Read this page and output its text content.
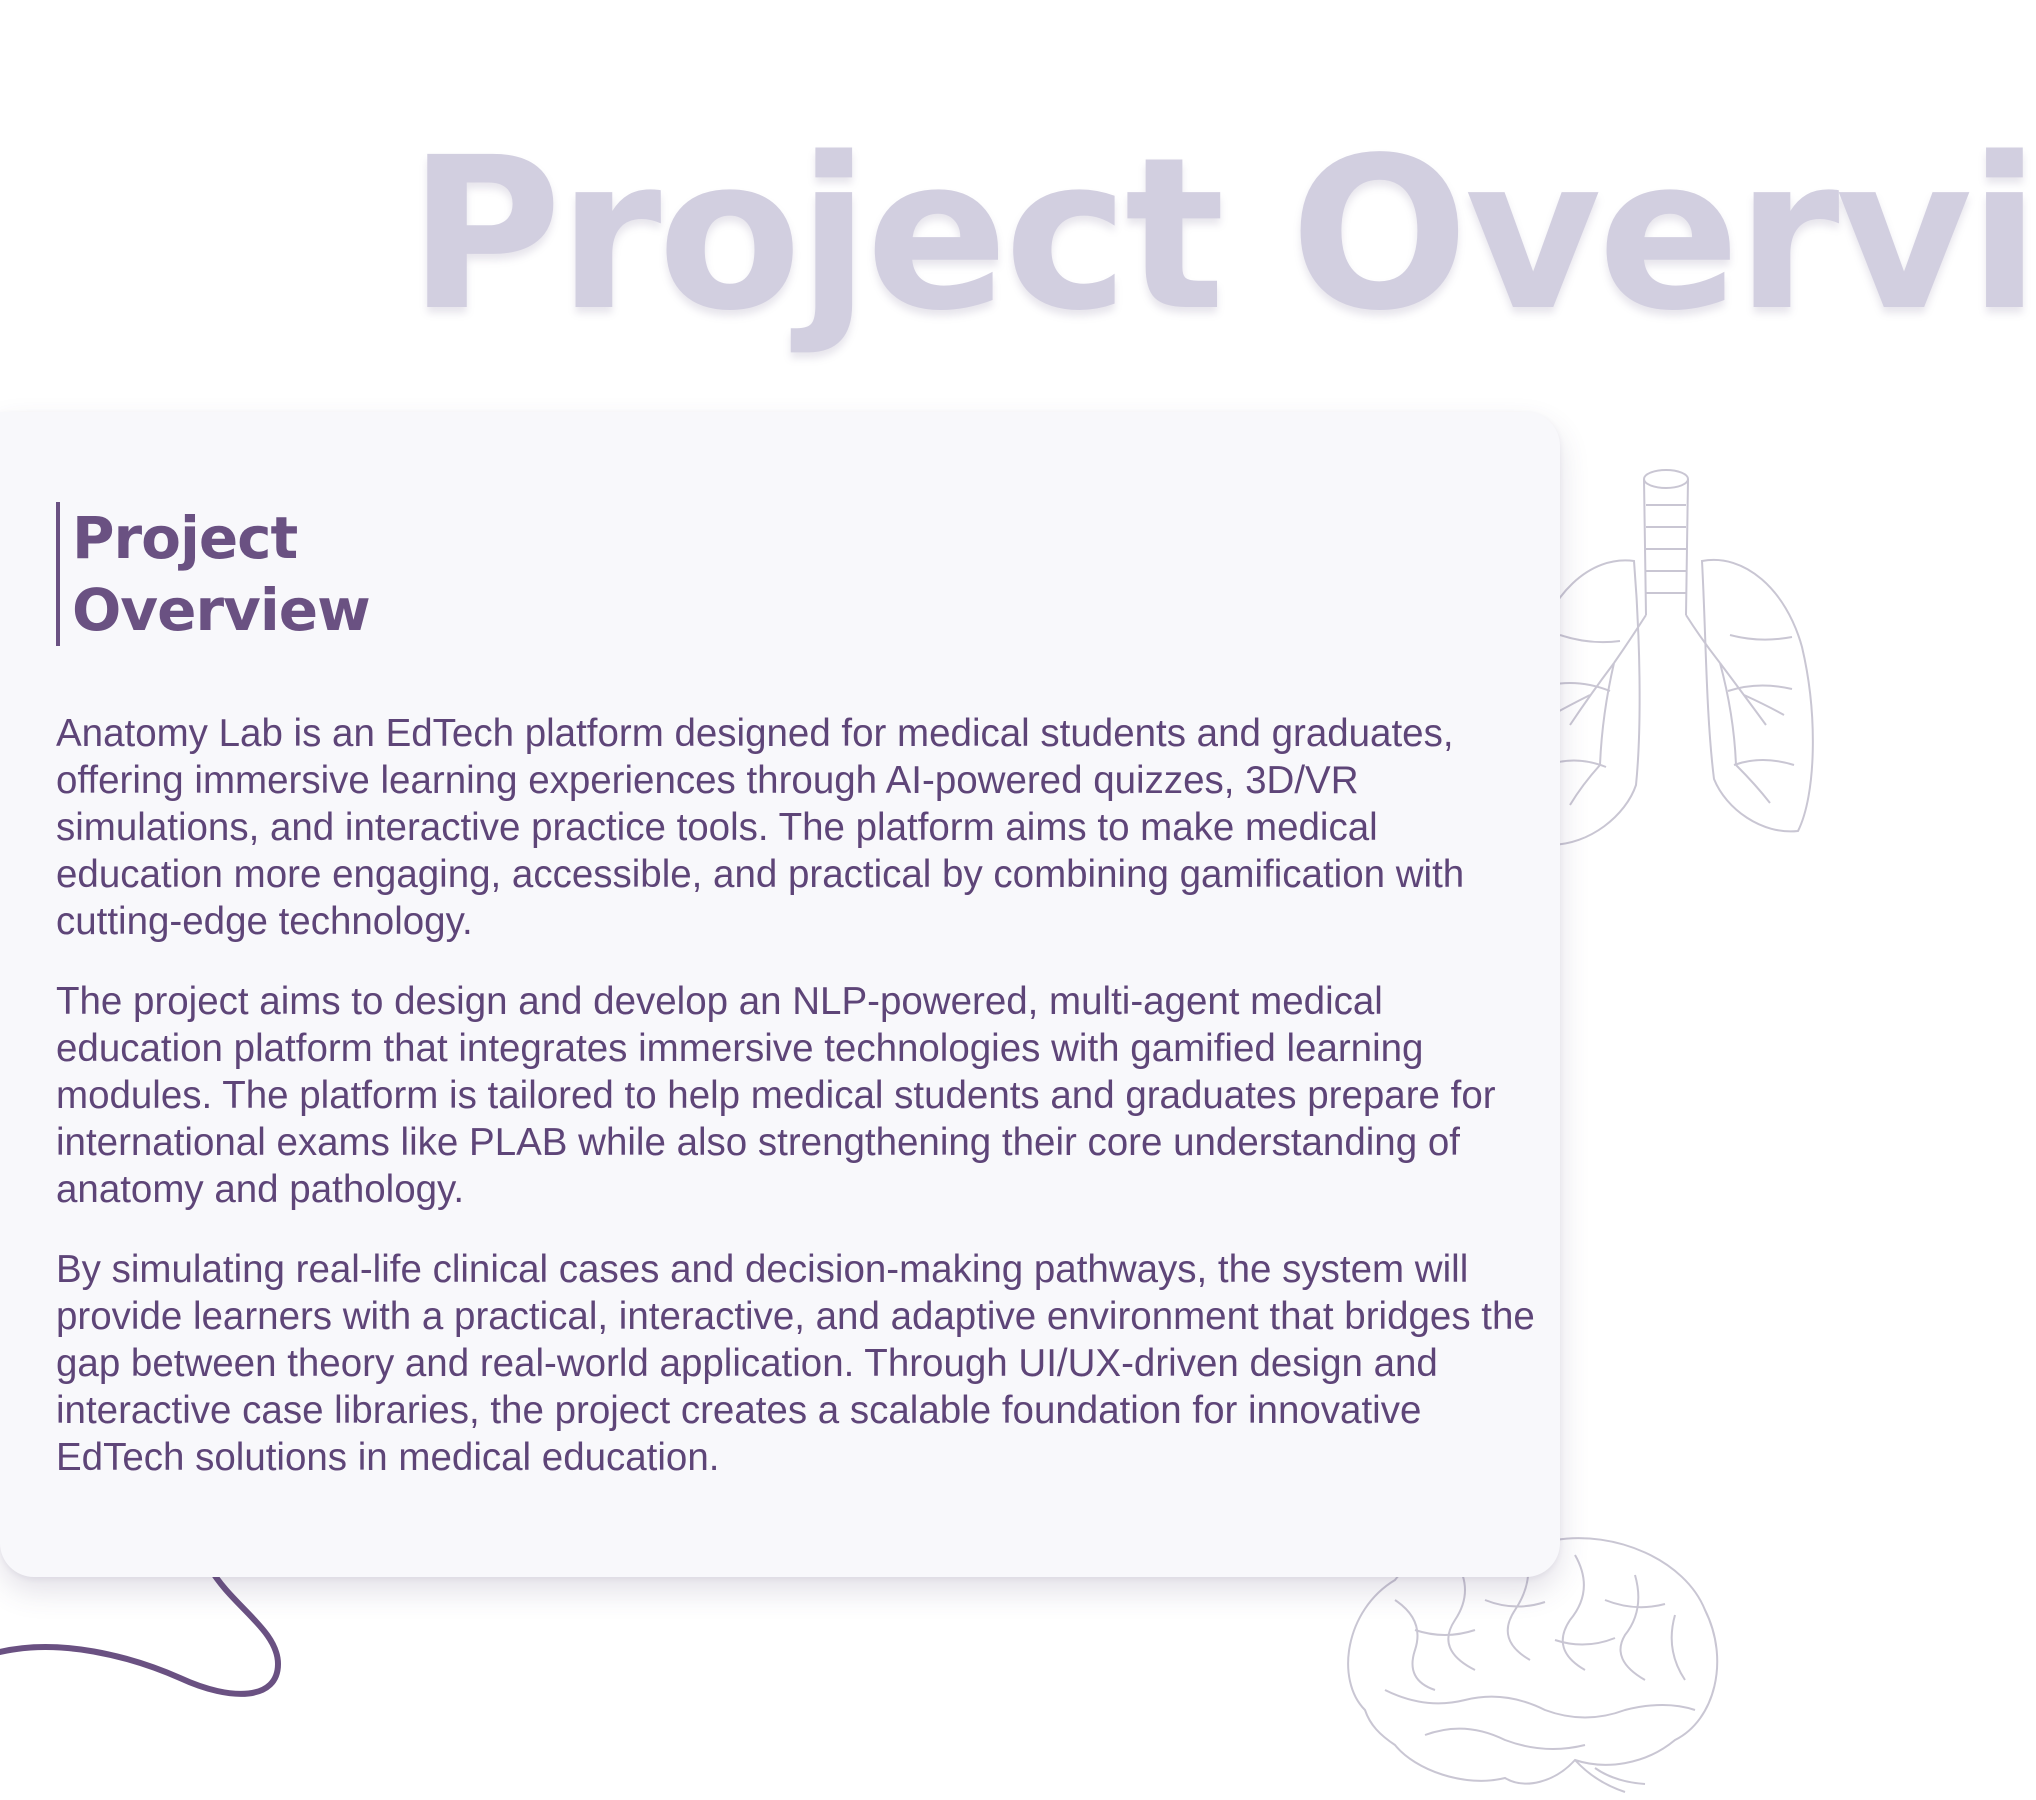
Project Overvi
Project
Overview

Anatomy Lab is an EdTech platform designed for medical students and graduates, offering immersive learning experiences through AI-powered quizzes, 3D/VR simulations, and interactive practice tools. The platform aims to make medical education more engaging, accessible, and practical by combining gamification with cutting-edge technology.

The project aims to design and develop an NLP-powered, multi-agent medical education platform that integrates immersive technologies with gamified learning modules. The platform is tailored to help medical students and graduates prepare for international exams like PLAB while also strengthening their core understanding of anatomy and pathology.

By simulating real-life clinical cases and decision-making pathways, the system will provide learners with a practical, interactive, and adaptive environment that bridges the gap between theory and real-world application. Through UI/UX-driven design and interactive case libraries, the project creates a scalable foundation for innovative EdTech solutions in medical education.
